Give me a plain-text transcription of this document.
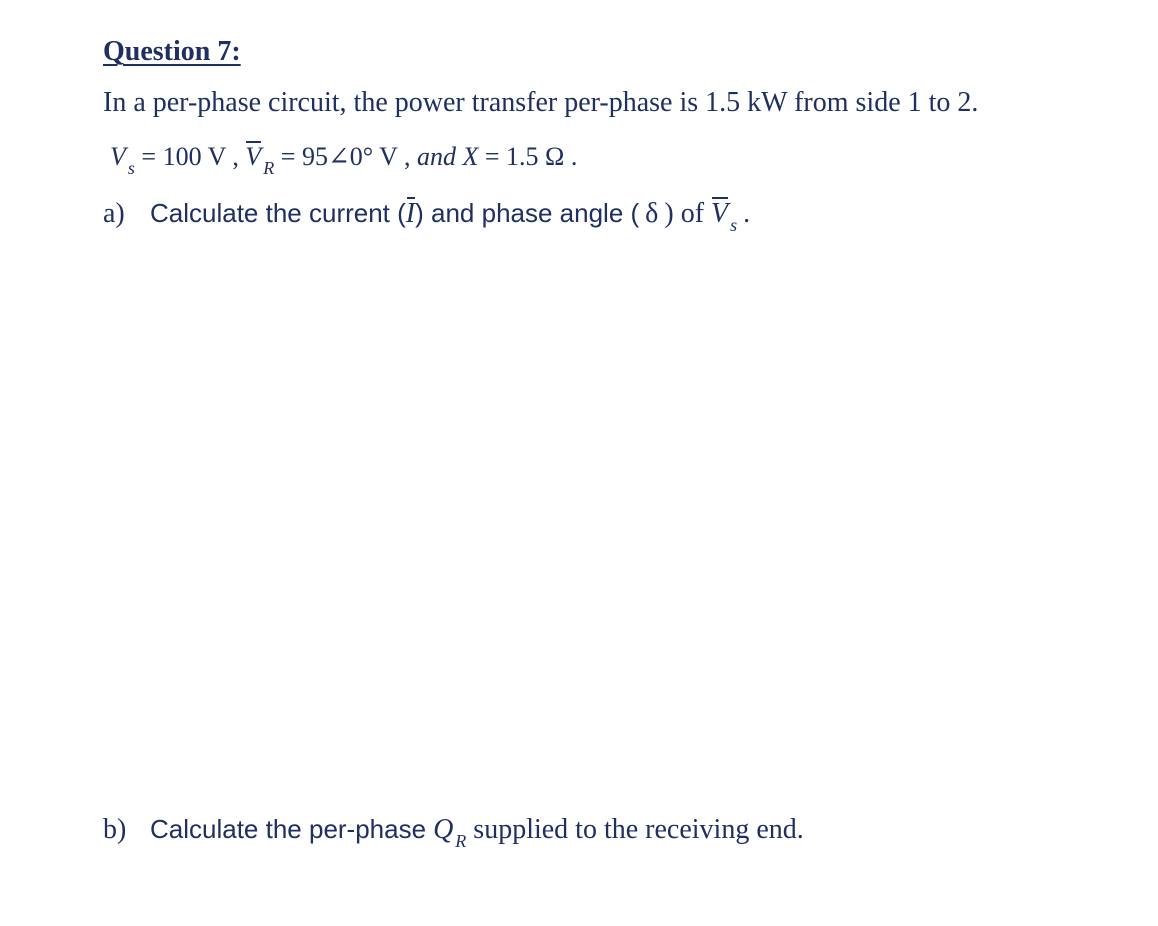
Question 7:
In a per-phase circuit, the power transfer per-phase is 1.5 kW from side 1 to 2.
V $_s$ = 100 V , V $_R$ = 95∠0° V , and X = 1.5 Ω .
a) Calculate the current (I) and phase angle ( δ ) of V $_s$ .
b) Calculate the per-phase Q $_R$ supplied to the receiving end.
